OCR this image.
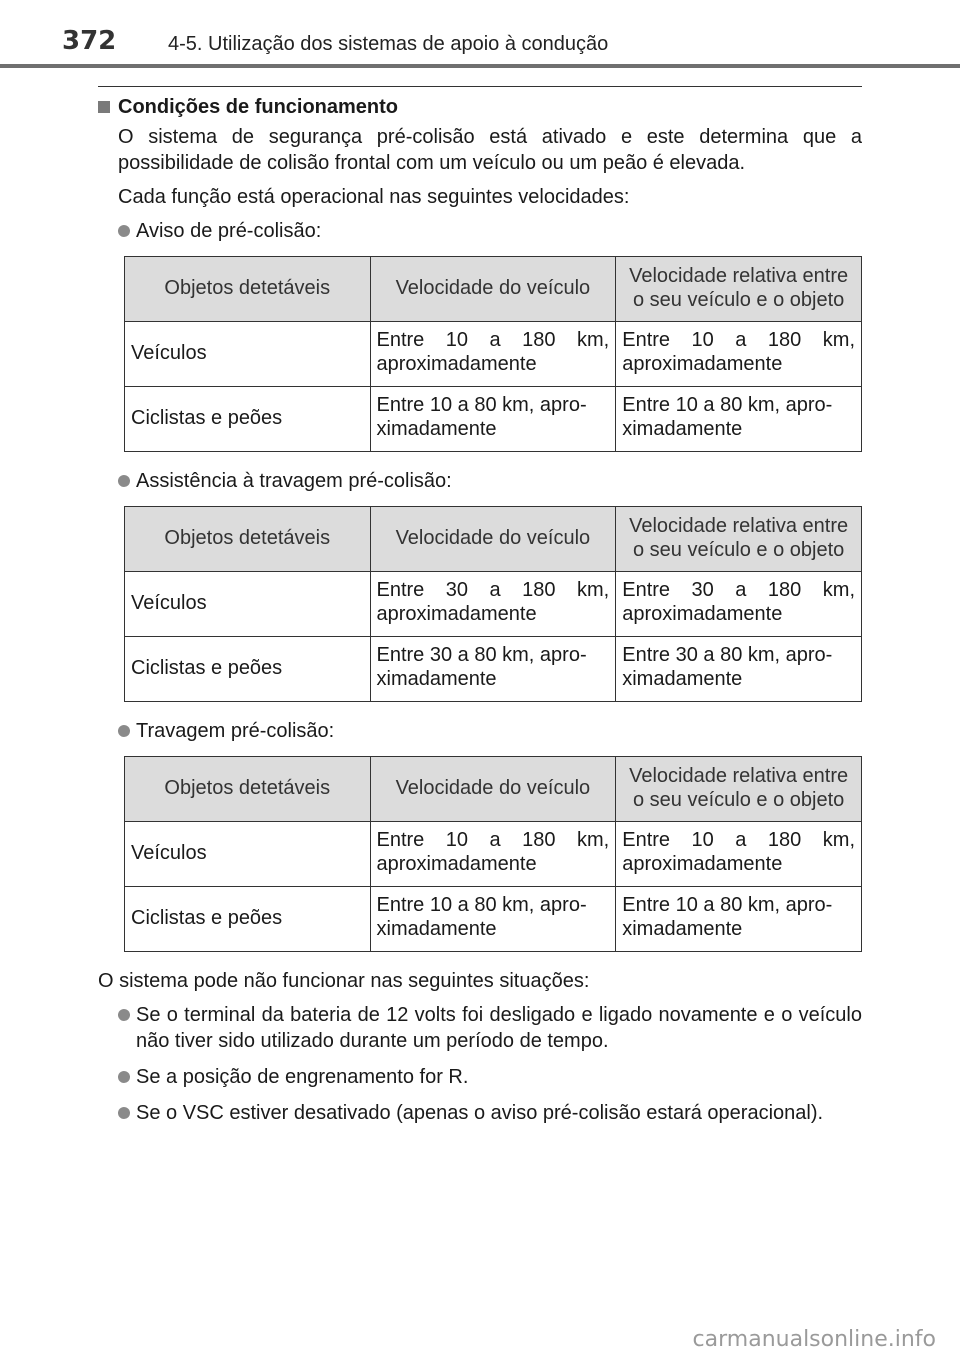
372	4-5. Utilização dos sistemas de apoio à condução
Condições de funcionamento

O sistema de segurança pré-colisão está ativado e este determina que a possibilidade de colisão frontal com um veículo ou um peão é elevada.

Cada função está operacional nas seguintes velocidades:

Aviso de pré-colisão:
Objetos detetáveis	Velocidade do veículo	Velocidade relativa entre o seu veículo e o objeto
Veículos	Entre 10 a 180 km, aproximadamente	Entre 10 a 180 km, aproximadamente
Ciclistas e peões	Entre 10 a 80 km, apro-ximadamente	Entre 10 a 80 km, apro-ximadamente
Assistência à travagem pré-colisão:
Objetos detetáveis	Velocidade do veículo	Velocidade relativa entre o seu veículo e o objeto
Veículos	Entre 30 a 180 km, aproximadamente	Entre 30 a 180 km, aproximadamente
Ciclistas e peões	Entre 30 a 80 km, apro-ximadamente	Entre 30 a 80 km, apro-ximadamente
Travagem pré-colisão:
Objetos detetáveis	Velocidade do veículo	Velocidade relativa entre o seu veículo e o objeto
Veículos	Entre 10 a 180 km, aproximadamente	Entre 10 a 180 km, aproximadamente
Ciclistas e peões	Entre 10 a 80 km, apro-ximadamente	Entre 10 a 80 km, apro-ximadamente

O sistema pode não funcionar nas seguintes situações:

Se o terminal da bateria de 12 volts foi desligado e ligado novamente e o veículo não tiver sido utilizado durante um período de tempo.
Se a posição de engrenamento for R.
Se o VSC estiver desativado (apenas o aviso pré-colisão estará operacional).
carmanualsonline.info
